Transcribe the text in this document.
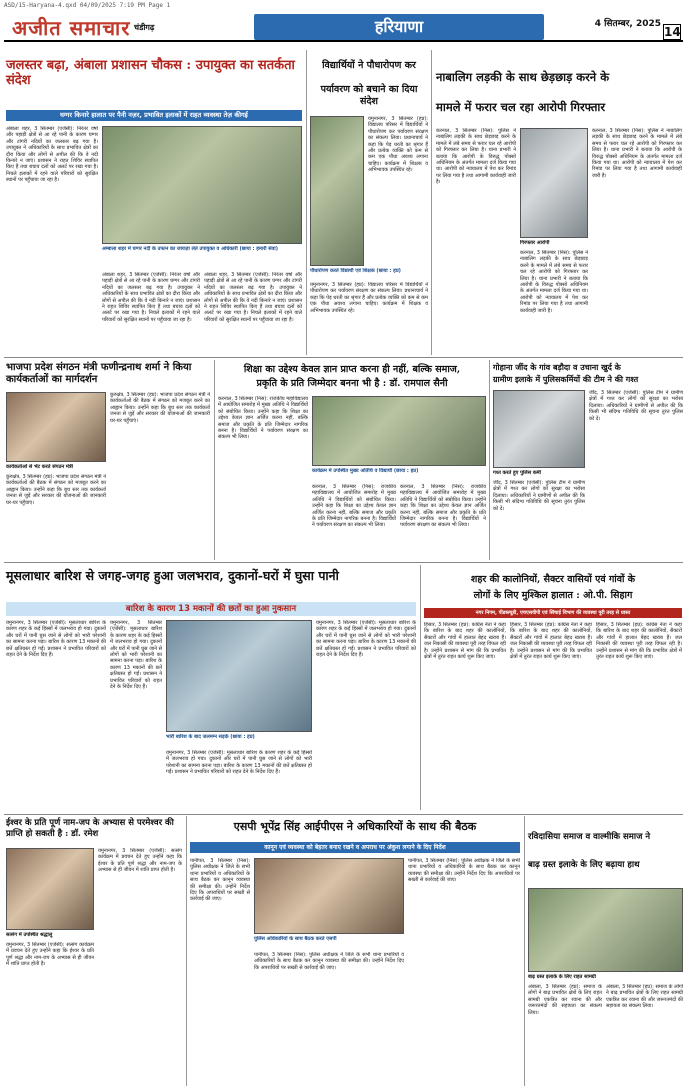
ASD/15-Haryana-4.qxd 04/09/2025 7:19 PM Page 1
अजीत समाचार चंडीगढ़	हरियाणा	4 सितम्बर, 2025
14
जलस्तर बढ़ा, अंबाला प्रशासन चौकस : उपायुक्त का सतर्कता संदेश
घग्गर किनारे हालात पर पैनी नज़र, प्रभावित इलाकों में राहत व्यवस्था तेज़ कीगई
अंबाला शहर, 3 सितम्बर (एजेंसी): निरंतर वर्षा और पहाड़ी क्षेत्रों से आ रहे पानी के कारण घग्गर और टांगरी नदियों का जलस्तर बढ़ गया है। उपायुक्त ने अधिकारियों के साथ प्रभावित क्षेत्रों का दौरा किया और लोगों से अपील की कि वे नदी किनारे न जाएं। प्रशासन ने राहत शिविर स्थापित किए हैं तथा बचाव दलों को अलर्ट पर रखा गया है। निचले इलाकों में रहने वाले परिवारों को सुरक्षित स्थानों पर पहुँचाया जा रहा है।
अम्बाला शहर में घग्गर नदी के उफान का जायज़ा लेते उपायुक्त व अधिकारी (छाया : हमारी सेवा)
अंबाला शहर, 3 सितम्बर (एजेंसी): निरंतर वर्षा और पहाड़ी क्षेत्रों से आ रहे पानी के कारण घग्गर और टांगरी नदियों का जलस्तर बढ़ गया है। उपायुक्त ने अधिकारियों के साथ प्रभावित क्षेत्रों का दौरा किया और लोगों से अपील की कि वे नदी किनारे न जाएं। प्रशासन ने राहत शिविर स्थापित किए हैं तथा बचाव दलों को अलर्ट पर रखा गया है। निचले इलाकों में रहने वाले परिवारों को सुरक्षित स्थानों पर पहुँचाया जा रहा है।
अंबाला शहर, 3 सितम्बर (एजेंसी): निरंतर वर्षा और पहाड़ी क्षेत्रों से आ रहे पानी के कारण घग्गर और टांगरी नदियों का जलस्तर बढ़ गया है। उपायुक्त ने अधिकारियों के साथ प्रभावित क्षेत्रों का दौरा किया और लोगों से अपील की कि वे नदी किनारे न जाएं। प्रशासन ने राहत शिविर स्थापित किए हैं तथा बचाव दलों को अलर्ट पर रखा गया है। निचले इलाकों में रहने वाले परिवारों को सुरक्षित स्थानों पर पहुँचाया जा रहा है।
विद्यार्थियों ने पौधारोपण कर
पर्यावरण को बचाने का दिया संदेश
पौधारोपण करते विद्यार्थी एवं शिक्षक (छाया : हप्र)
यमुनानगर, 3 सितम्बर (हप्र): विद्यालय परिसर में विद्यार्थियों ने पौधारोपण कर पर्यावरण संरक्षण का संकल्प लिया। प्रधानाचार्य ने कहा कि पेड़ धरती का श्रृंगार हैं और प्रत्येक व्यक्ति को कम से कम एक पौधा अवश्य लगाना चाहिए। कार्यक्रम में शिक्षक व अभिभावक उपस्थित रहे।
यमुनानगर, 3 सितम्बर (हप्र): विद्यालय परिसर में विद्यार्थियों ने पौधारोपण कर पर्यावरण संरक्षण का संकल्प लिया। प्रधानाचार्य ने कहा कि पेड़ धरती का श्रृंगार हैं और प्रत्येक व्यक्ति को कम से कम एक पौधा अवश्य लगाना चाहिए। कार्यक्रम में शिक्षक व अभिभावक उपस्थित रहे।
नाबालिग लड़की के साथ छेड़छाड़ करने के
मामले में फरार चल रहा आरोपी गिरफ्तार
करनाल, 3 सितम्बर (निस): पुलिस ने नाबालिग लड़की के साथ छेड़छाड़ करने के मामले में लंबे समय से फरार चल रहे आरोपी को गिरफ्तार कर लिया है। थाना प्रभारी ने बताया कि आरोपी के विरुद्ध पोक्सो अधिनियम के अंतर्गत मामला दर्ज किया गया था। आरोपी को न्यायालय में पेश कर रिमांड पर लिया गया है तथा आगामी कार्यवाही जारी है।
गिरफ्तार आरोपी
करनाल, 3 सितम्बर (निस): पुलिस ने नाबालिग लड़की के साथ छेड़छाड़ करने के मामले में लंबे समय से फरार चल रहे आरोपी को गिरफ्तार कर लिया है। थाना प्रभारी ने बताया कि आरोपी के विरुद्ध पोक्सो अधिनियम के अंतर्गत मामला दर्ज किया गया था। आरोपी को न्यायालय में पेश कर रिमांड पर लिया गया है तथा आगामी कार्यवाही जारी है।
करनाल, 3 सितम्बर (निस): पुलिस ने नाबालिग लड़की के साथ छेड़छाड़ करने के मामले में लंबे समय से फरार चल रहे आरोपी को गिरफ्तार कर लिया है। थाना प्रभारी ने बताया कि आरोपी के विरुद्ध पोक्सो अधिनियम के अंतर्गत मामला दर्ज किया गया था। आरोपी को न्यायालय में पेश कर रिमांड पर लिया गया है तथा आगामी कार्यवाही जारी है।
भाजपा प्रदेश संगठन मंत्री फणीन्द्रनाथ शर्मा ने किया कार्यकर्ताओं का मार्गदर्शन
कार्यकर्ताओं से भेंट करते संगठन मंत्री
कुरुक्षेत्र, 3 सितम्बर (हप्र): भाजपा प्रदेश संगठन मंत्री ने कार्यकर्ताओं की बैठक में संगठन को मजबूत करने का आह्वान किया। उन्होंने कहा कि बूथ स्तर तक कार्यकर्ता जनता से जुड़ें और सरकार की योजनाओं की जानकारी घर-घर पहुँचाएं।
कुरुक्षेत्र, 3 सितम्बर (हप्र): भाजपा प्रदेश संगठन मंत्री ने कार्यकर्ताओं की बैठक में संगठन को मजबूत करने का आह्वान किया। उन्होंने कहा कि बूथ स्तर तक कार्यकर्ता जनता से जुड़ें और सरकार की योजनाओं की जानकारी घर-घर पहुँचाएं।
शिक्षा का उद्देश्य केवल ज्ञान प्राप्त करना ही नहीं, बल्कि समाज,
प्रकृति के प्रति जिम्मेदार बनना भी है : डॉ. रामपाल सैनी
करनाल, 3 सितम्बर (निस): राजकीय महाविद्यालय में आयोजित समारोह में मुख्य अतिथि ने विद्यार्थियों को संबोधित किया। उन्होंने कहा कि शिक्षा का उद्देश्य केवल ज्ञान अर्जित करना नहीं, बल्कि समाज और प्रकृति के प्रति जिम्मेदार नागरिक बनना है। विद्यार्थियों ने पर्यावरण संरक्षण का संकल्प भी लिया।
कार्यक्रम में उपस्थित मुख्य अतिथि व विद्यार्थी (छाया : हप्र)
करनाल, 3 सितम्बर (निस): राजकीय महाविद्यालय में आयोजित समारोह में मुख्य अतिथि ने विद्यार्थियों को संबोधित किया। उन्होंने कहा कि शिक्षा का उद्देश्य केवल ज्ञान अर्जित करना नहीं, बल्कि समाज और प्रकृति के प्रति जिम्मेदार नागरिक बनना है। विद्यार्थियों ने पर्यावरण संरक्षण का संकल्प भी लिया।
करनाल, 3 सितम्बर (निस): राजकीय महाविद्यालय में आयोजित समारोह में मुख्य अतिथि ने विद्यार्थियों को संबोधित किया। उन्होंने कहा कि शिक्षा का उद्देश्य केवल ज्ञान अर्जित करना नहीं, बल्कि समाज और प्रकृति के प्रति जिम्मेदार नागरिक बनना है। विद्यार्थियों ने पर्यावरण संरक्षण का संकल्प भी लिया।
गोहाना जींद के गांव बड़ौदा व उचाना खुर्द के
ग्रामीण इलाके में पुलिसकर्मियों की टीम ने की गश्त
गश्त करते हुए पुलिस कर्मी
जींद, 3 सितम्बर (एजेंसी): पुलिस टीम ने ग्रामीण क्षेत्रों में गश्त कर लोगों को सुरक्षा का भरोसा दिलाया। अधिकारियों ने ग्रामीणों से अपील की कि किसी भी संदिग्ध गतिविधि की सूचना तुरंत पुलिस को दें।
जींद, 3 सितम्बर (एजेंसी): पुलिस टीम ने ग्रामीण क्षेत्रों में गश्त कर लोगों को सुरक्षा का भरोसा दिलाया। अधिकारियों ने ग्रामीणों से अपील की कि किसी भी संदिग्ध गतिविधि की सूचना तुरंत पुलिस को दें।
मूसलाधार बारिश से जगह-जगह हुआ जलभराव, दुकानों-घरों में घुसा पानी
बारिश के कारण 13 मकानों की छतों का हुआ नुकसान
यमुनानगर, 3 सितम्बर (एजेंसी): मूसलाधार बारिश के कारण शहर के कई हिस्सों में जलभराव हो गया। दुकानों और घरों में पानी घुस जाने से लोगों को भारी परेशानी का सामना करना पड़ा। बारिश के कारण 13 मकानों की छतें क्षतिग्रस्त हो गईं। प्रशासन ने प्रभावित परिवारों को राहत देने के निर्देश दिए हैं।
यमुनानगर, 3 सितम्बर (एजेंसी): मूसलाधार बारिश के कारण शहर के कई हिस्सों में जलभराव हो गया। दुकानों और घरों में पानी घुस जाने से लोगों को भारी परेशानी का सामना करना पड़ा। बारिश के कारण 13 मकानों की छतें क्षतिग्रस्त हो गईं। प्रशासन ने प्रभावित परिवारों को राहत देने के निर्देश दिए हैं।
भारी बारिश के बाद जलमग्न सड़कें (छाया : हप्र)
यमुनानगर, 3 सितम्बर (एजेंसी): मूसलाधार बारिश के कारण शहर के कई हिस्सों में जलभराव हो गया। दुकानों और घरों में पानी घुस जाने से लोगों को भारी परेशानी का सामना करना पड़ा। बारिश के कारण 13 मकानों की छतें क्षतिग्रस्त हो गईं। प्रशासन ने प्रभावित परिवारों को राहत देने के निर्देश दिए हैं।
यमुनानगर, 3 सितम्बर (एजेंसी): मूसलाधार बारिश के कारण शहर के कई हिस्सों में जलभराव हो गया। दुकानों और घरों में पानी घुस जाने से लोगों को भारी परेशानी का सामना करना पड़ा। बारिश के कारण 13 मकानों की छतें क्षतिग्रस्त हो गईं। प्रशासन ने प्रभावित परिवारों को राहत देने के निर्देश दिए हैं।
शहर की कालोनियों, सैक्टर वासियों एवं गांवों के
लोगों के लिए मुश्किल हालात : ओ.पी. सिहाग
नगर निगम, पीडब्ल्यूडी, एचएसवीपी एवं सिंचाई विभाग की व्यवस्था पूरी तरह से ध्वस्त
हिसार, 3 सितम्बर (हप्र): कांग्रेस नेता ने कहा कि बारिश के बाद शहर की कालोनियों, सैक्टरों और गांवों में हालात बेहद खराब हैं। जल निकासी की व्यवस्था पूरी तरह विफल रही है। उन्होंने प्रशासन से मांग की कि प्रभावित क्षेत्रों में तुरंत राहत कार्य शुरू किए जाएं।
हिसार, 3 सितम्बर (हप्र): कांग्रेस नेता ने कहा कि बारिश के बाद शहर की कालोनियों, सैक्टरों और गांवों में हालात बेहद खराब हैं। जल निकासी की व्यवस्था पूरी तरह विफल रही है। उन्होंने प्रशासन से मांग की कि प्रभावित क्षेत्रों में तुरंत राहत कार्य शुरू किए जाएं।
हिसार, 3 सितम्बर (हप्र): कांग्रेस नेता ने कहा कि बारिश के बाद शहर की कालोनियों, सैक्टरों और गांवों में हालात बेहद खराब हैं। जल निकासी की व्यवस्था पूरी तरह विफल रही है। उन्होंने प्रशासन से मांग की कि प्रभावित क्षेत्रों में तुरंत राहत कार्य शुरू किए जाएं।
ईश्वर के प्रति पूर्ण नाम-जप के अभ्यास से परमेश्वर की प्राप्ति हो सकती है : डॉ. रमेश
सत्संग में उपस्थित श्रद्धालु
यमुनानगर, 3 सितम्बर (एजेंसी): सत्संग कार्यक्रम में प्रवचन देते हुए उन्होंने कहा कि ईश्वर के प्रति पूर्ण श्रद्धा और नाम-जप के अभ्यास से ही जीवन में शांति प्राप्त होती है।
यमुनानगर, 3 सितम्बर (एजेंसी): सत्संग कार्यक्रम में प्रवचन देते हुए उन्होंने कहा कि ईश्वर के प्रति पूर्ण श्रद्धा और नाम-जप के अभ्यास से ही जीवन में शांति प्राप्त होती है।
एसपी भूपेंद्र सिंह आईपीएस ने अधिकारियों के साथ की बैठक
कानून एवं व्यवस्था को बेहतर बनाए रखने व अपराध पर अंकुश लगाने के दिए निर्देश
पानीपत, 3 सितम्बर (निस): पुलिस अधीक्षक ने जिले के सभी थाना प्रभारियों व अधिकारियों के साथ बैठक कर कानून व्यवस्था की समीक्षा की। उन्होंने निर्देश दिए कि अपराधियों पर सख्ती से कार्रवाई की जाए।
पुलिस अधिकारियों के साथ बैठक करते एसपी
पानीपत, 3 सितम्बर (निस): पुलिस अधीक्षक ने जिले के सभी थाना प्रभारियों व अधिकारियों के साथ बैठक कर कानून व्यवस्था की समीक्षा की। उन्होंने निर्देश दिए कि अपराधियों पर सख्ती से कार्रवाई की जाए।
पानीपत, 3 सितम्बर (निस): पुलिस अधीक्षक ने जिले के सभी थाना प्रभारियों व अधिकारियों के साथ बैठक कर कानून व्यवस्था की समीक्षा की। उन्होंने निर्देश दिए कि अपराधियों पर सख्ती से कार्रवाई की जाए।
रविदासिया समाज व वाल्मीकि समाज ने
बाढ़ ग्रस्त इलाके के लिए बढ़ाया हाथ
बाढ़ ग्रस्त इलाके के लिए राहत सामग्री
अंबाला, 3 सितम्बर (हप्र): समाज के लोगों ने बाढ़ प्रभावित क्षेत्रों के लिए राहत सामग्री एकत्रित कर रवाना की और जरूरतमंदों की सहायता का संकल्प लिया।
अंबाला, 3 सितम्बर (हप्र): समाज के लोगों ने बाढ़ प्रभावित क्षेत्रों के लिए राहत सामग्री एकत्रित कर रवाना की और जरूरतमंदों की सहायता का संकल्प लिया।
